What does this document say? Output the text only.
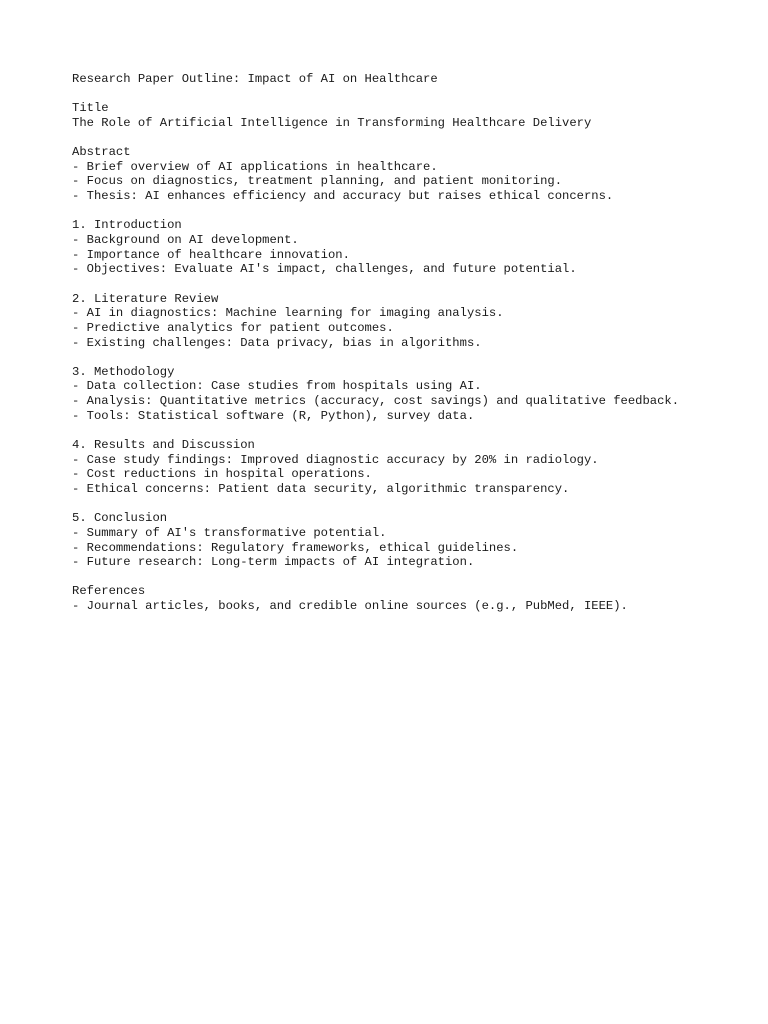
Research Paper Outline: Impact of AI on Healthcare

Title

The Role of Artificial Intelligence in Transforming Healthcare Delivery

Abstract

- Brief overview of AI applications in healthcare.

- Focus on diagnostics, treatment planning, and patient monitoring.

- Thesis: AI enhances efficiency and accuracy but raises ethical concerns.

1. Introduction

- Background on AI development.

- Importance of healthcare innovation.

- Objectives: Evaluate AI's impact, challenges, and future potential.

2. Literature Review

- AI in diagnostics: Machine learning for imaging analysis.

- Predictive analytics for patient outcomes.

- Existing challenges: Data privacy, bias in algorithms.

3. Methodology

- Data collection: Case studies from hospitals using AI.

- Analysis: Quantitative metrics (accuracy, cost savings) and qualitative feedback.

- Tools: Statistical software (R, Python), survey data.

4. Results and Discussion

- Case study findings: Improved diagnostic accuracy by 20% in radiology.

- Cost reductions in hospital operations.

- Ethical concerns: Patient data security, algorithmic transparency.

5. Conclusion

- Summary of AI's transformative potential.

- Recommendations: Regulatory frameworks, ethical guidelines.

- Future research: Long-term impacts of AI integration.

References

- Journal articles, books, and credible online sources (e.g., PubMed, IEEE).
